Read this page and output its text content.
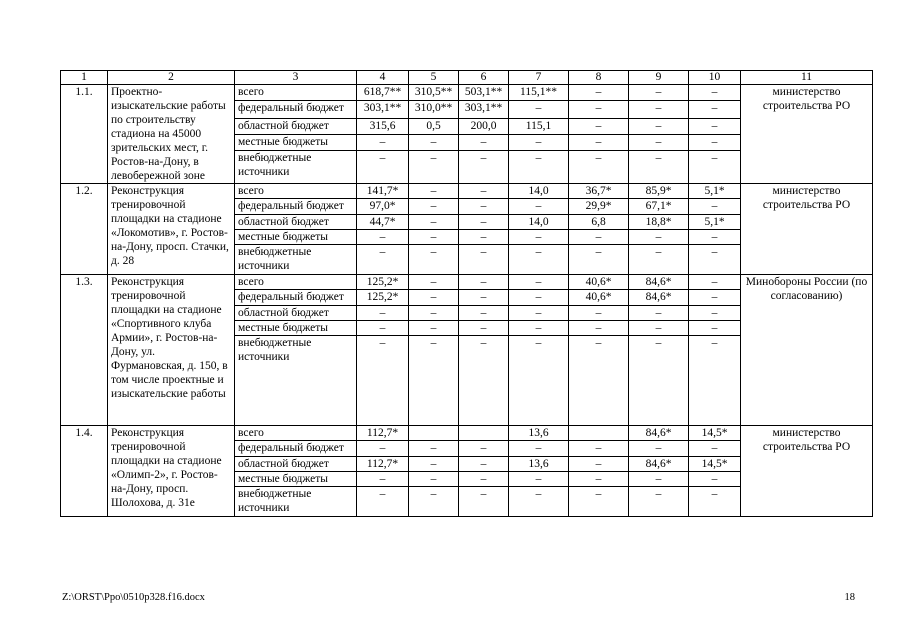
1	2	3	4	5	6	7	8	9	10	11
1.1.	Проектно-изыскательские работы по строительству стадиона на 45000 зрительских мест, г. Ростов-на-Дону, в левобережной зоне	всего	618,7**	310,5**	503,1**	115,1**	–	–	–	министерство строительства РО
		федеральный бюджет	303,1**	310,0**	303,1**	–	–	–	–	
		областной бюджет	315,6	0,5	200,0	115,1	–	–	–	
		местные бюджеты	–	–	–	–	–	–	–	
		внебюджетные источники	–	–	–	–	–	–	–	
1.2.	Реконструкция тренировочной площадки на стадионе «Локомотив», г. Ростов-на-Дону, просп. Стачки, д. 28	всего	141,7*	–	–	14,0	36,7*	85,9*	5,1*	министерство строительства РО
		федеральный бюджет	97,0*	–	–	–	29,9*	67,1*	–	
		областной бюджет	44,7*	–	–	14,0	6,8	18,8*	5,1*	
		местные бюджеты	–	–	–	–	–	–	–	
		внебюджетные источники	–	–	–	–	–	–	–	
1.3.	Реконструкция тренировочной площадки на стадионе «Спортивного клуба Армии», г. Ростов-на-Дону, ул. Фурмановская, д. 150, в том числе проектные и изыскательские работы	всего	125,2*	–	–	–	40,6*	84,6*	–	Минобороны России (по согласованию)
		федеральный бюджет	125,2*	–	–	–	40,6*	84,6*	–	
		областной бюджет	–	–	–	–	–	–	–	
		местные бюджеты	–	–	–	–	–	–	–	
		внебюджетные источники	–	–	–	–	–	–	–	
1.4.	Реконструкция тренировочной площадки на стадионе «Олимп-2», г. Ростов-на-Дону, просп. Шолохова, д. 31е	всего	112,7*			13,6		84,6*	14,5*	министерство строительства РО
		федеральный бюджет	–	–	–	–	–	–	–	
		областной бюджет	112,7*	–	–	13,6	–	84,6*	14,5*	
		местные бюджеты	–	–	–	–	–	–	–	
		внебюджетные источники	–	–	–	–	–	–	–	
Z:\ORST\Ppo\0510p328.f16.docx	18
